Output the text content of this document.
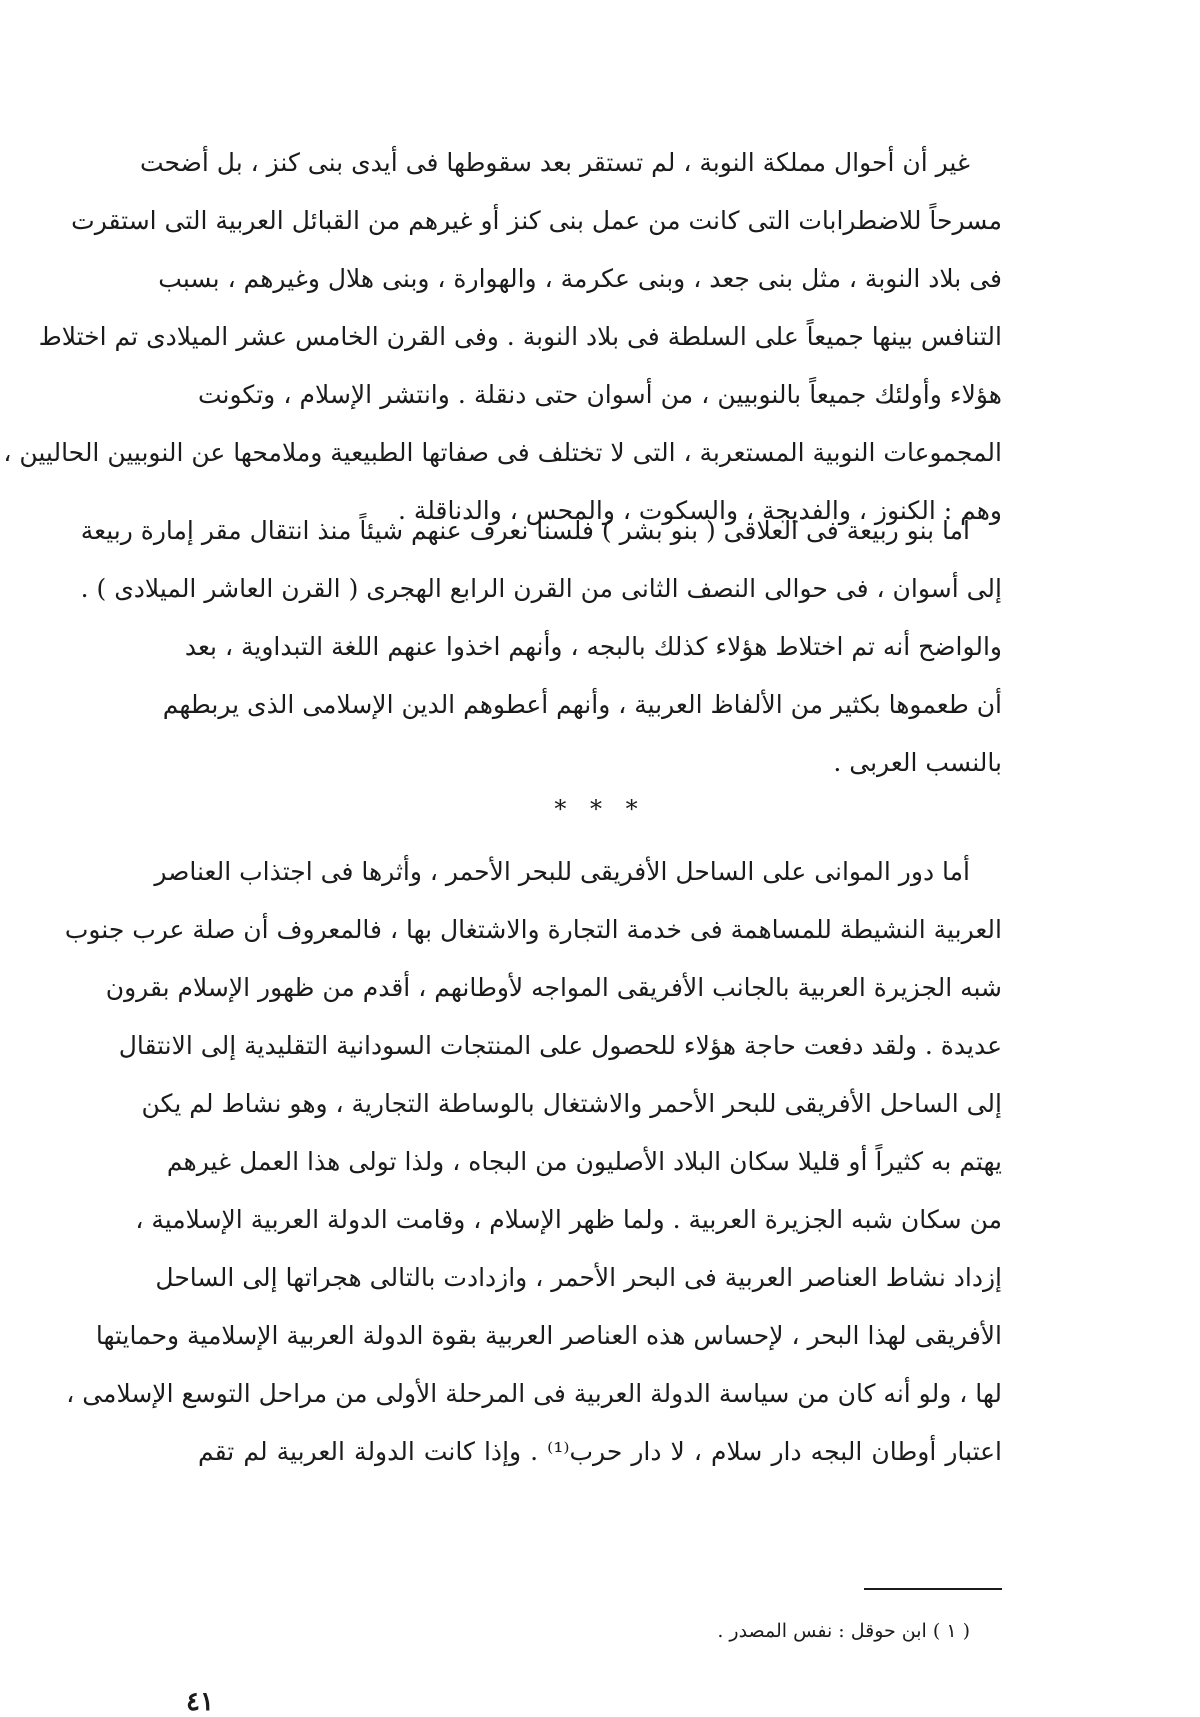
غير أن أحوال مملكة النوبة ، لم تستقر بعد سقوطها فى أيدى بنى كنز ، بل أضحت
مسرحاً للاضطرابات التى كانت من عمل بنى كنز أو غيرهم من القبائل العربية التى استقرت
فى بلاد النوبة ، مثل بنى جعد ، وبنى عكرمة ، والهوارة ، وبنى هلال وغيرهم ، بسبب
التنافس بينها جميعاً على السلطة فى بلاد النوبة . وفى القرن الخامس عشر الميلادى تم اختلاط
هؤلاء وأولئك جميعاً بالنوبيين ، من أسوان حتى دنقلة . وانتشر الإسلام ، وتكونت
المجموعات النوبية المستعربة ، التى لا تختلف فى صفاتها الطبيعية وملامحها عن النوبيين الحاليين ،
وهم : الكنوز ، والفديجة ، والسكوت ، والمحس ، والدناقلة .
أما بنو ربيعة فى العلاقى ( بنو بشر ) فلسنا نعرف عنهم شيئاً منذ انتقال مقر إمارة ربيعة
إلى أسوان ، فى حوالى النصف الثانى من القرن الرابع الهجرى ( القرن العاشر الميلادى ) .
والواضح أنه تم اختلاط هؤلاء كذلك بالبجه ، وأنهم اخذوا عنهم اللغة التبداوية ، بعد
أن طعموها بكثير من الألفاظ العربية ، وأنهم أعطوهم الدين الإسلامى الذى يربطهم
بالنسب العربى .
* * *
أما دور الموانى على الساحل الأفريقى للبحر الأحمر ، وأثرها فى اجتذاب العناصر
العربية النشيطة للمساهمة فى خدمة التجارة والاشتغال بها ، فالمعروف أن صلة عرب جنوب
شبه الجزيرة العربية بالجانب الأفريقى المواجه لأوطانهم ، أقدم من ظهور الإسلام بقرون
عديدة . ولقد دفعت حاجة هؤلاء للحصول على المنتجات السودانية التقليدية إلى الانتقال
إلى الساحل الأفريقى للبحر الأحمر والاشتغال بالوساطة التجارية ، وهو نشاط لم يكن
يهتم به كثيراً أو قليلا سكان البلاد الأصليون من البجاه ، ولذا تولى هذا العمل غيرهم
من سكان شبه الجزيرة العربية . ولما ظهر الإسلام ، وقامت الدولة العربية الإسلامية ،
إزداد نشاط العناصر العربية فى البحر الأحمر ، وازدادت بالتالى هجراتها إلى الساحل
الأفريقى لهذا البحر ، لإحساس هذه العناصر العربية بقوة الدولة العربية الإسلامية وحمايتها
لها ، ولو أنه كان من سياسة الدولة العربية فى المرحلة الأولى من مراحل التوسع الإسلامى ،
اعتبار أوطان البجه دار سلام ، لا دار حرب⁽¹⁾ . وإذا كانت الدولة العربية لم تقم
( ١ ) ابن حوقل : نفس المصدر .
٤١
